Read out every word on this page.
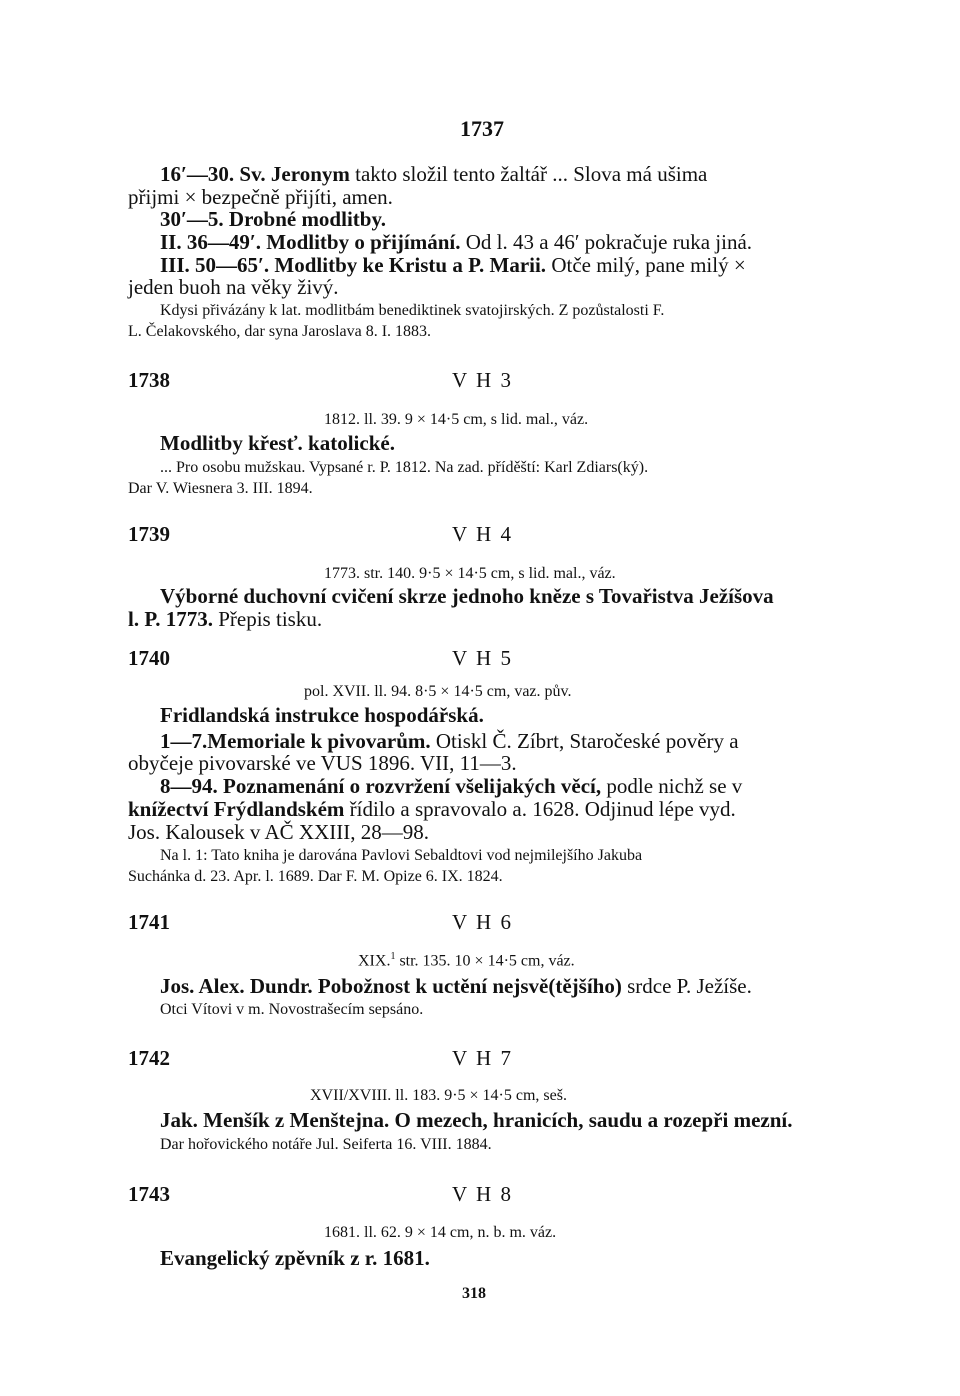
1737
16′—30. Sv. Jeronym takto složil tento žaltář ... Slova má ušima
přijmi × bezpečně přijíti, amen.
30′—5. Drobné modlitby.
II. 36—49′. Modlitby o přijímání. Od l. 43 a 46′ pokračuje ruka jiná.
III. 50—65′. Modlitby ke Kristu a P. Marii. Otče milý, pane milý ×
jeden buoh na věky živý.
Kdysi přivázány k lat. modlitbám benediktinek svatojirských. Z pozůstalosti F.
L. Čelakovského, dar syna Jaroslava 8. I. 1883.
1738	V H 3
1812. ll. 39. 9 × 14·5 cm, s lid. mal., váz.
Modlitby křesť. katolické.
... Pro osobu mužskau. Vypsané r. P. 1812. Na zad. příděští: Karl Zdiars(ký).
Dar V. Wiesnera 3. III. 1894.
1739	V H 4
1773. str. 140. 9·5 × 14·5 cm, s lid. mal., váz.
Výborné duchovní cvičení skrze jednoho kněze s Tovařistva Ježíšova
l. P. 1773. Přepis tisku.
1740	V H 5
pol. XVII. ll. 94. 8·5 × 14·5 cm, vaz. pův.
Fridlandská instrukce hospodářská.
1—7.Memoriale k pivovarům. Otiskl Č. Zíbrt, Staročeské pověry a
obyčeje pivovarské ve VUS 1896. VII, 11—3.
8—94. Poznamenání o rozvržení všelijakých věcí, podle nichž se v
knížectví Frýdlandském řídilo a spravovalo a. 1628. Odjinud lépe vyd.
Jos. Kalousek v AČ XXIII, 28—98.
Na l. 1: Tato kniha je darována Pavlovi Sebaldtovi vod nejmilejšího Jakuba
Suchánka d. 23. Apr. l. 1689. Dar F. M. Opize 6. IX. 1824.
1741	V H 6
XIX.$^1$ str. 135. 10 × 14·5 cm, váz.
Jos. Alex. Dundr. Pobožnost k uctění nejsvě(tějšího) srdce P. Ježíše.
Otci Vítovi v m. Novostrašecím sepsáno.
1742	V H 7
XVII/XVIII. ll. 183. 9·5 × 14·5 cm, seš.
Jak. Menšík z Menštejna. O mezech, hranicích, saudu a rozepři mezní.
Dar hořovického notáře Jul. Seiferta 16. VIII. 1884.
1743	V H 8
1681. ll. 62. 9 × 14 cm, n. b. m. váz.
Evangelický zpěvník z r. 1681.
318
